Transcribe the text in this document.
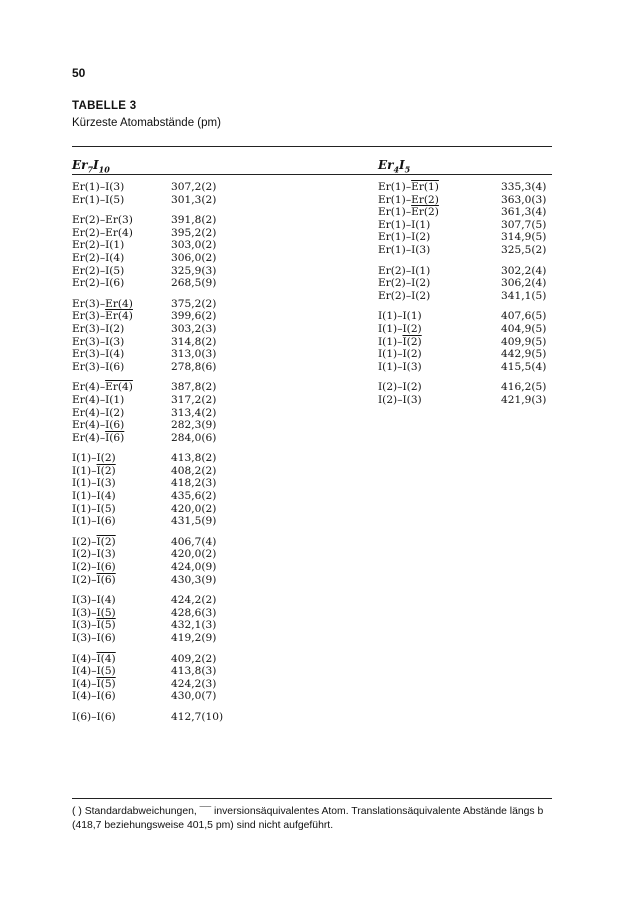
50
TABELLE 3
Kürzeste Atomabstände (pm)
$Er_7I_{10}$	$Er_4I_5$
Er(1)–I(3)	307,2(2)
Er(1)–I(5)	301,3(2)
Er(2)–Er(3)	391,8(2)
Er(2)–Er(4)	395,2(2)
Er(2)–I(1)	303,0(2)
Er(2)–I(4)	306,0(2)
Er(2)–I(5)	325,9(3)
Er(2)–I(6)	268,5(9)
Er(3)–Er(4)	375,2(2)
Er(3)–Er(4)	399,6(2)
Er(3)–I(2)	303,2(3)
Er(3)–I(3)	314,8(2)
Er(3)–I(4)	313,0(3)
Er(3)–I(6)	278,8(6)
Er(4)–Er(4)	387,8(2)
Er(4)–I(1)	317,2(2)
Er(4)–I(2)	313,4(2)
Er(4)–I(6)	282,3(9)
Er(4)–I(6)	284,0(6)
I(1)–I(2)	413,8(2)
I(1)–I(2)	408,2(2)
I(1)–I(3)	418,2(3)
I(1)–I(4)	435,6(2)
I(1)–I(5)	420,0(2)
I(1)–I(6)	431,5(9)
I(2)–I(2)	406,7(4)
I(2)–I(3)	420,0(2)
I(2)–I(6)	424,0(9)
I(2)–I(6)	430,3(9)
I(3)–I(4)	424,2(2)
I(3)–I(5)	428,6(3)
I(3)–I(5)	432,1(3)
I(3)–I(6)	419,2(9)
I(4)–I(4)	409,2(2)
I(4)–I(5)	413,8(3)
I(4)–I(5)	424,2(3)
I(4)–I(6)	430,0(7)
I(6)–I(6)	412,7(10)
Er(1)–Er(1)	335,3(4)
Er(1)–Er(2)	363,0(3)
Er(1)–Er(2)	361,3(4)
Er(1)–I(1)	307,7(5)
Er(1)–I(2)	314,9(5)
Er(1)–I(3)	325,5(2)
Er(2)–I(1)	302,2(4)
Er(2)–I(2)	306,2(4)
Er(2)–I(2)	341,1(5)
I(1)–I(1)	407,6(5)
I(1)–I(2)	404,9(5)
I(1)–I(2)	409,9(5)
I(1)–I(2)	442,9(5)
I(1)–I(3)	415,5(4)
I(2)–I(2)	416,2(5)
I(2)–I(3)	421,9(3)
( ) Standardabweichungen, ¯¯ inversionsäquivalentes Atom. Translationsäquivalente Abstände längs b (418,7 beziehungsweise 401,5 pm) sind nicht aufgeführt.
